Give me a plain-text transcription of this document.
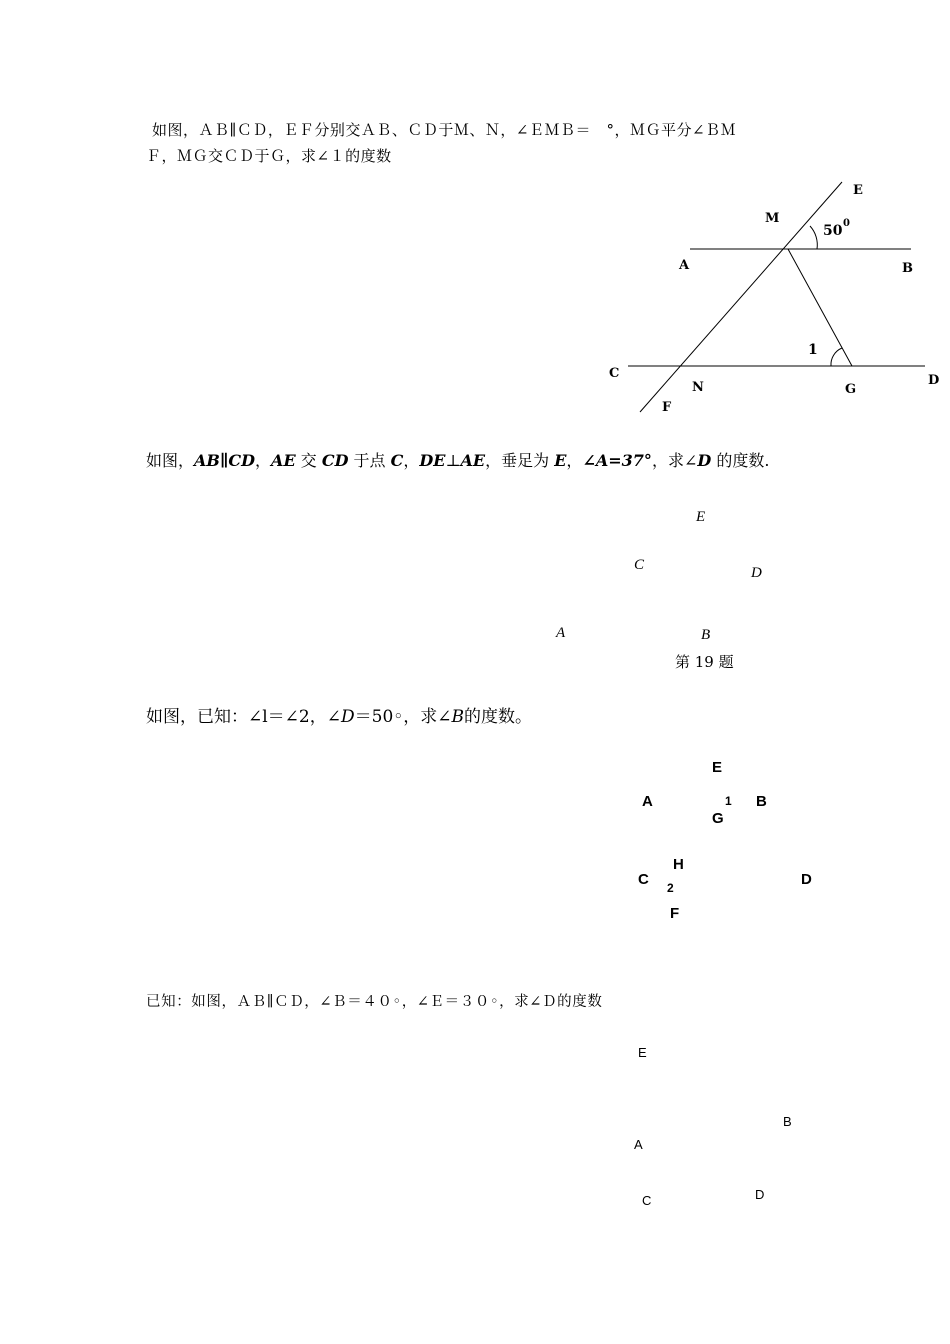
如图，ＡＢ∥ＣＤ，ＥＦ分别交ＡＢ、ＣＤ于Ｍ、Ｎ，∠ＥＭＢ＝　°，ＭＧ平分∠ＢＭ
Ｆ，ＭＧ交ＣＤ于Ｇ，求∠１的度数
E
M
50 0
A	B
1
C
N	G
D
F
如图，AB∥CD，AE 交 CD 于点 C，DE⊥AE，垂足为 E，∠A=37°，求∠D 的度数.
E
C	D
A	B
第 19 题
如图，已知：∠l＝∠2，∠D＝50◦，求∠B的度数。
E
A	1 B
G
H
C 2	D
F
已知：如图，ＡＢ∥ＣＤ，∠Ｂ＝４０◦，∠Ｅ＝３０◦，求∠Ｄ的度数
E
B
A
C	D
